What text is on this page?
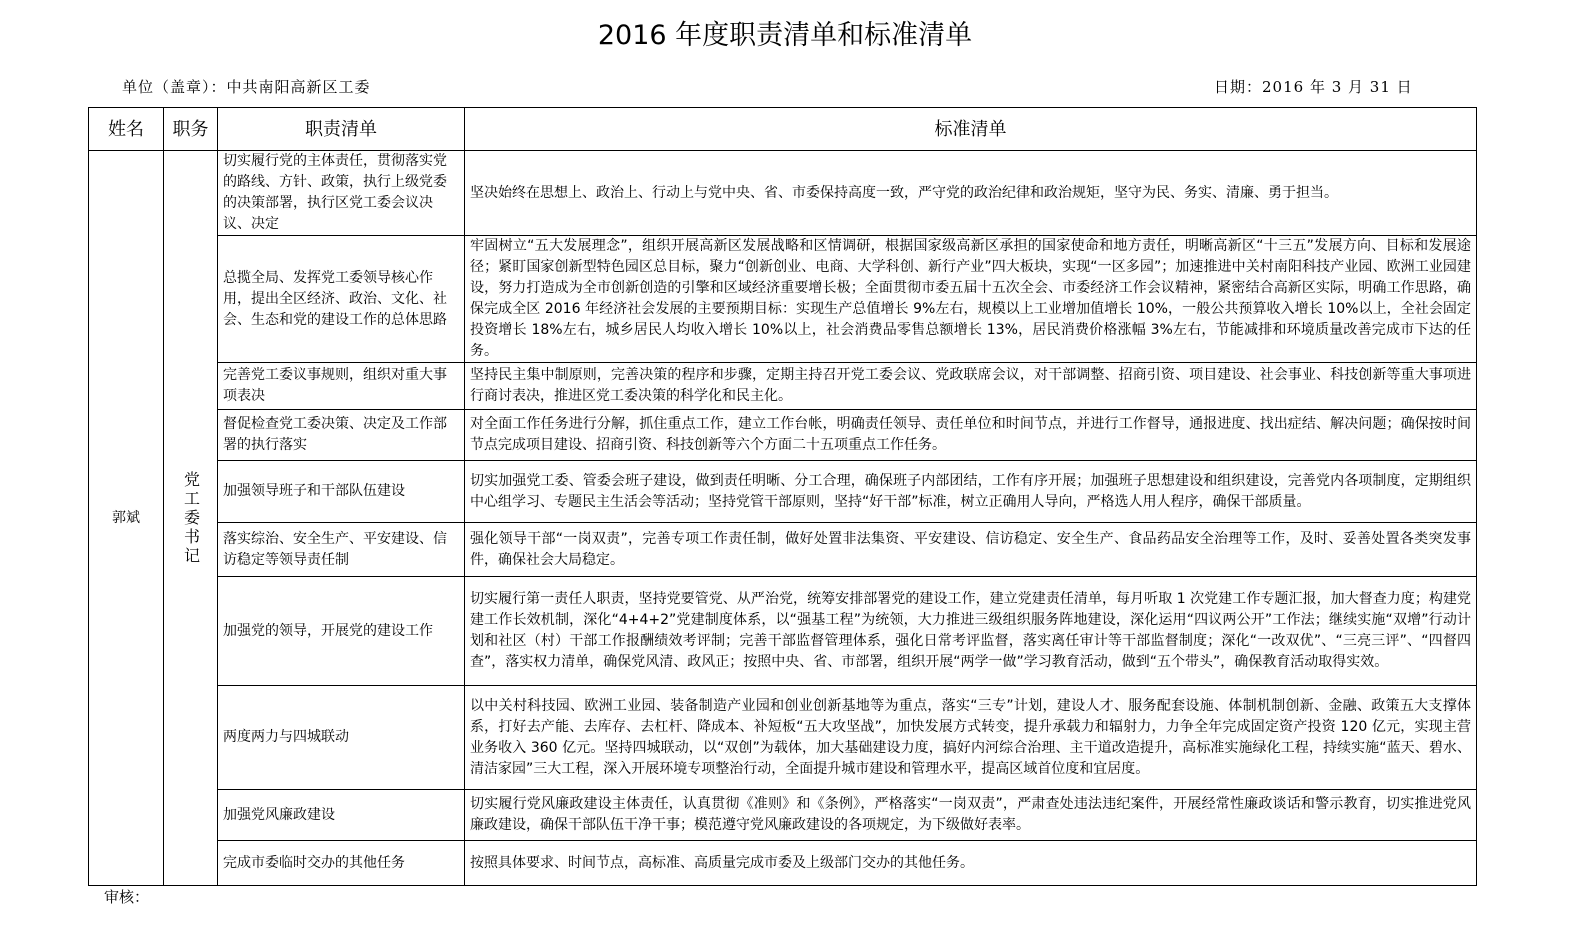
2016 年度职责清单和标准清单
单位（盖章）：中共南阳高新区工委	日期：2016 年 3 月 31 日
姓名	职务	职责清单	标准清单
郭斌	党工委书记	切实履行党的主体责任，贯彻落实党的路线、方针、政策，执行上级党委的决策部署，执行区党工委会议决议、决定	坚决始终在思想上、政治上、行动上与党中央、省、市委保持高度一致，严守党的政治纪律和政治规矩，坚守为民、务实、清廉、勇于担当。
		总揽全局、发挥党工委领导核心作用，提出全区经济、政治、文化、社会、生态和党的建设工作的总体思路	牢固树立“五大发展理念”，组织开展高新区发展战略和区情调研，根据国家级高新区承担的国家使命和地方责任，明晰高新区“十三五”发展方向、目标和发展途径；紧盯国家创新型特色园区总目标，聚力“创新创业、电商、大学科创、新行产业”四大板块，实现“一区多园”；加速推进中关村南阳科技产业园、欧洲工业园建设，努力打造成为全市创新创造的引擎和区域经济重要增长极；全面贯彻市委五届十五次全会、市委经济工作会议精神，紧密结合高新区实际，明确工作思路，确保完成全区 2016 年经济社会发展的主要预期目标：实现生产总值增长 9%左右，规模以上工业增加值增长 10%，一般公共预算收入增长 10%以上，全社会固定投资增长 18%左右，城乡居民人均收入增长 10%以上，社会消费品零售总额增长 13%，居民消费价格涨幅 3%左右，节能减排和环境质量改善完成市下达的任务。
		完善党工委议事规则，组织对重大事项表决	坚持民主集中制原则，完善决策的程序和步骤，定期主持召开党工委会议、党政联席会议，对干部调整、招商引资、项目建设、社会事业、科技创新等重大事项进行商讨表决，推进区党工委决策的科学化和民主化。
		督促检查党工委决策、决定及工作部署的执行落实	对全面工作任务进行分解，抓住重点工作，建立工作台帐，明确责任领导、责任单位和时间节点，并进行工作督导，通报进度、找出症结、解决问题；确保按时间节点完成项目建设、招商引资、科技创新等六个方面二十五项重点工作任务。
		加强领导班子和干部队伍建设	切实加强党工委、管委会班子建设，做到责任明晰、分工合理，确保班子内部团结，工作有序开展；加强班子思想建设和组织建设，完善党内各项制度，定期组织中心组学习、专题民主生活会等活动；坚持党管干部原则，坚持“好干部”标准，树立正确用人导向，严格选人用人程序，确保干部质量。
		落实综治、安全生产、平安建设、信访稳定等领导责任制	强化领导干部“一岗双责”，完善专项工作责任制，做好处置非法集资、平安建设、信访稳定、安全生产、食品药品安全治理等工作，及时、妥善处置各类突发事件，确保社会大局稳定。
		加强党的领导，开展党的建设工作	切实履行第一责任人职责，坚持党要管党、从严治党，统筹安排部署党的建设工作，建立党建责任清单，每月听取 1 次党建工作专题汇报，加大督查力度；构建党建工作长效机制，深化“4+4+2”党建制度体系，以“强基工程”为统领，大力推进三级组织服务阵地建设，深化运用“四议两公开”工作法；继续实施“双增”行动计划和社区（村）干部工作报酬绩效考评制；完善干部监督管理体系，强化日常考评监督，落实离任审计等干部监督制度；深化“一改双优”、“三亮三评”、“四督四查”，落实权力清单，确保党风清、政风正；按照中央、省、市部署，组织开展“两学一做”学习教育活动，做到“五个带头”，确保教育活动取得实效。
		两度两力与四城联动	以中关村科技园、欧洲工业园、装备制造产业园和创业创新基地等为重点，落实“三专”计划，建设人才、服务配套设施、体制机制创新、金融、政策五大支撑体系，打好去产能、去库存、去杠杆、降成本、补短板“五大攻坚战”，加快发展方式转变，提升承载力和辐射力，力争全年完成固定资产投资 120 亿元，实现主营业务收入 360 亿元。坚持四城联动，以“双创”为载体，加大基础建设力度，搞好内河综合治理、主干道改造提升，高标准实施绿化工程，持续实施“蓝天、碧水、清洁家园”三大工程，深入开展环境专项整治行动，全面提升城市建设和管理水平，提高区域首位度和宜居度。
		加强党风廉政建设	切实履行党风廉政建设主体责任，认真贯彻《准则》和《条例》，严格落实“一岗双责”，严肃查处违法违纪案件，开展经常性廉政谈话和警示教育，切实推进党风廉政建设，确保干部队伍干净干事；模范遵守党风廉政建设的各项规定，为下级做好表率。
		完成市委临时交办的其他任务	按照具体要求、时间节点，高标准、高质量完成市委及上级部门交办的其他任务。
审核：
